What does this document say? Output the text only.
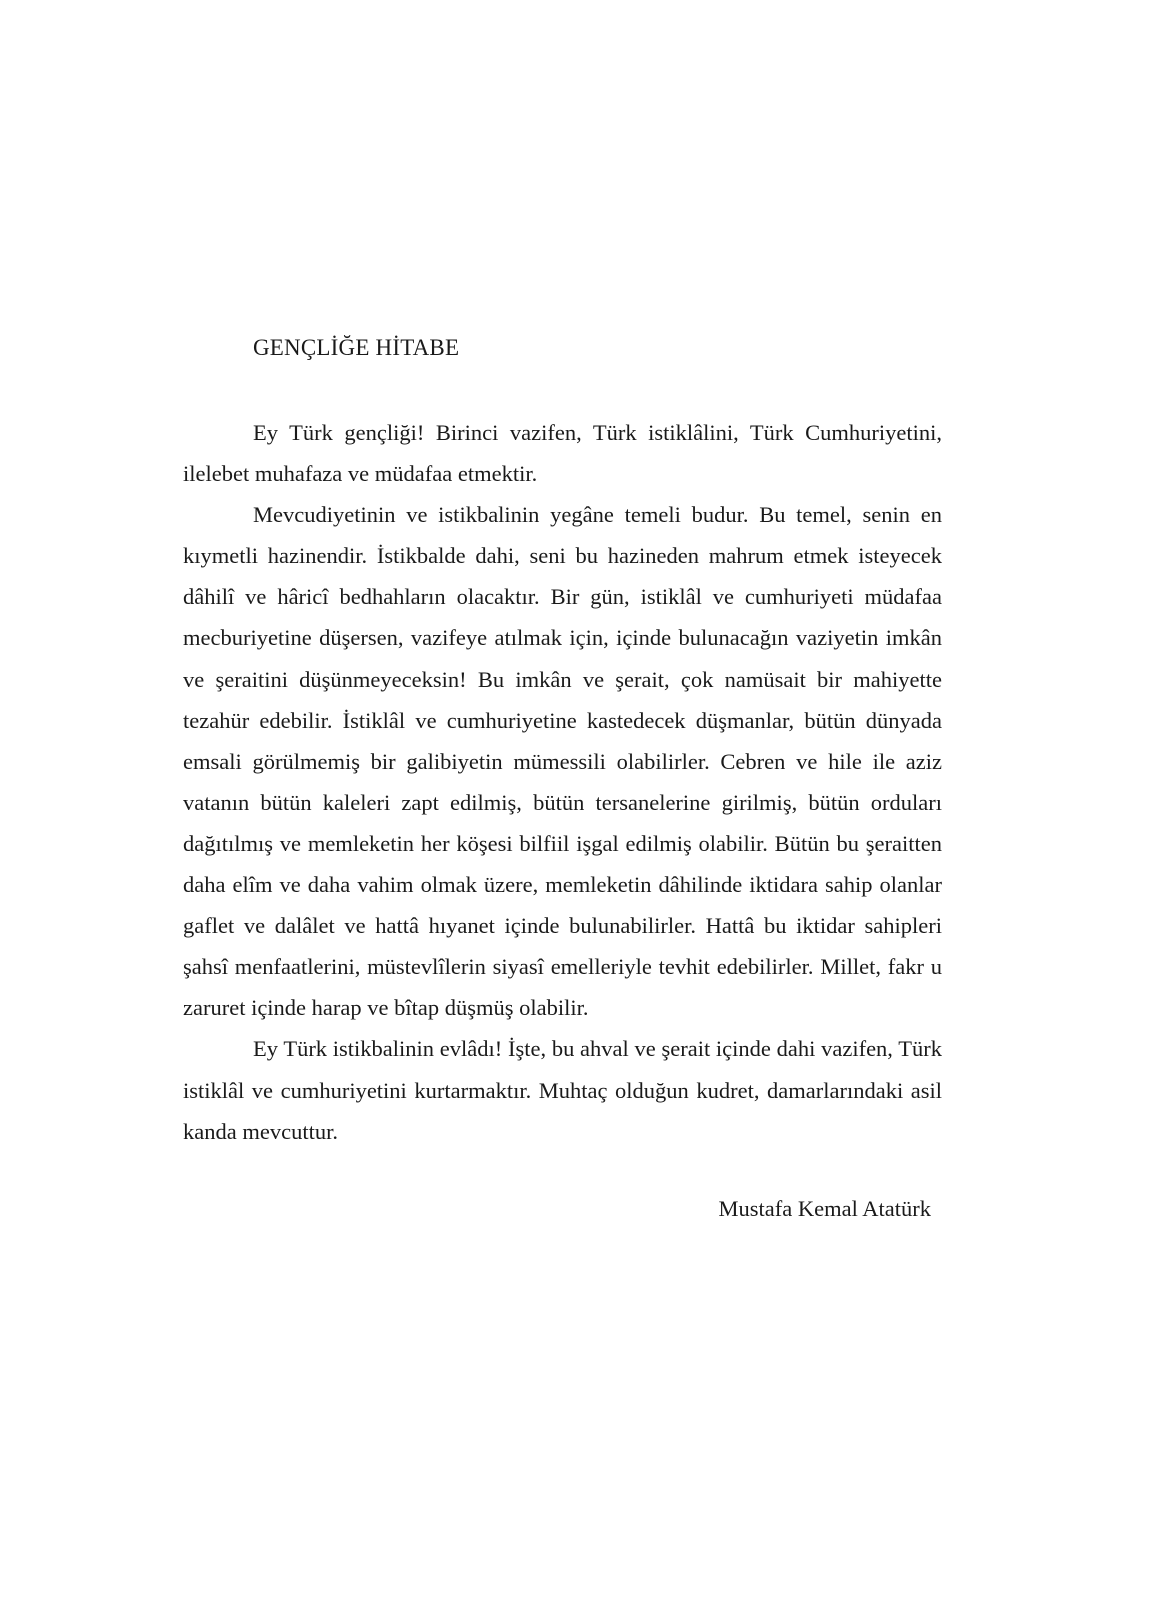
GENÇLİĞE HİTABE

Ey Türk gençliği! Birinci vazifen, Türk istiklâlini, Türk Cumhuriyetini, ilelebet muhafaza ve müdafaa etmektir.

Mevcudiyetinin ve istikbalinin yegâne temeli budur. Bu temel, senin en kıymetli hazinendir. İstikbalde dahi, seni bu hazineden mahrum etmek isteyecek dâhilî ve hâricî bedhahların olacaktır. Bir gün, istiklâl ve cumhuriyeti müdafaa mecburiyetine düşersen, vazifeye atılmak için, içinde bulunacağın vaziyetin imkân ve şeraitini düşünmeyeceksin! Bu imkân ve şerait, çok namüsait bir mahiyette tezahür edebilir. İstiklâl ve cumhuriyetine kastedecek düşmanlar, bütün dünyada emsali görülmemiş bir galibiyetin mümessili olabilirler. Cebren ve hile ile aziz vatanın bütün kaleleri zapt edilmiş, bütün tersanelerine girilmiş, bütün orduları dağıtılmış ve memleketin her köşesi bilfiil işgal edilmiş olabilir. Bütün bu şeraitten daha elîm ve daha vahim olmak üzere, memleketin dâhilinde iktidara sahip olanlar gaflet ve dalâlet ve hattâ hıyanet içinde bulunabilirler. Hattâ bu iktidar sahipleri şahsî menfaatlerini, müstevlîlerin siyasî emelleriyle tevhit edebilirler. Millet, fakr u zaruret içinde harap ve bîtap düşmüş olabilir.

Ey Türk istikbalinin evlâdı! İşte, bu ahval ve şerait içinde dahi vazifen, Türk istiklâl ve cumhuriyetini kurtarmaktır. Muhtaç olduğun kudret, damarlarındaki asil kanda mevcuttur.

Mustafa Kemal Atatürk
